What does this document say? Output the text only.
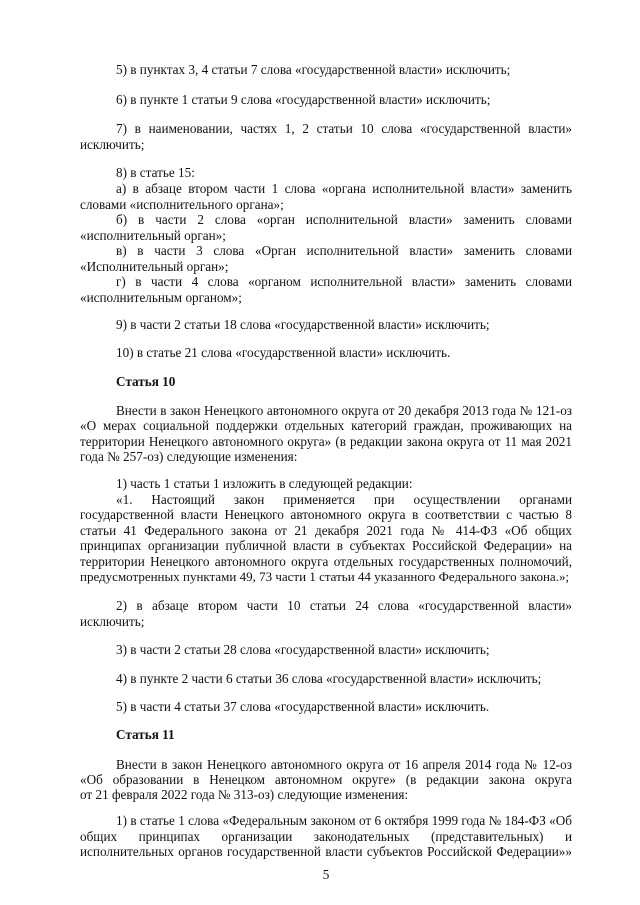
5) в пунктах 3, 4 статьи 7 слова «государственной власти» исключить;
6) в пункте 1 статьи 9 слова «государственной власти» исключить;
7) в наименовании, частях 1, 2 статьи 10 слова «государственной власти»
исключить;
8) в статье 15:
а) в абзаце втором части 1 слова «органа исполнительной власти» заменить
словами «исполнительного органа»;
б) в части 2 слова «орган исполнительной власти» заменить словами
«исполнительный орган»;
в) в части 3 слова «Орган исполнительной власти» заменить словами
«Исполнительный орган»;
г) в части 4 слова «органом исполнительной власти» заменить словами
«исполнительным органом»;
9) в части 2 статьи 18 слова «государственной власти» исключить;
10) в статье 21 слова «государственной власти» исключить.
Статья 10
Внести в закон Ненецкого автономного округа от 20 декабря 2013 года № 121-оз
«О мерах социальной поддержки отдельных категорий граждан, проживающих на
территории Ненецкого автономного округа» (в редакции закона округа от 11 мая 2021
года № 257-оз) следующие изменения:
1) часть 1 статьи 1 изложить в следующей редакции:
«1. Настоящий закон применяется при осуществлении органами
государственной власти Ненецкого автономного округа в соответствии с частью 8
статьи 41 Федерального закона от 21 декабря 2021 года № 414-ФЗ «Об общих
принципах организации публичной власти в субъектах Российской Федерации» на
территории Ненецкого автономного округа отдельных государственных полномочий,
предусмотренных пунктами 49, 73 части 1 статьи 44 указанного Федерального закона.»;
2) в абзаце втором части 10 статьи 24 слова «государственной власти»
исключить;
3) в части 2 статьи 28 слова «государственной власти» исключить;
4) в пункте 2 части 6 статьи 36 слова «государственной власти» исключить;
5) в части 4 статьи 37 слова «государственной власти» исключить.
Статья 11
Внести в закон Ненецкого автономного округа от 16 апреля 2014 года № 12-оз
«Об образовании в Ненецком автономном округе» (в редакции закона округа
от 21 февраля 2022 года № 313-оз) следующие изменения:
1) в статье 1 слова «Федеральным законом от 6 октября 1999 года № 184-ФЗ «Об
общих принципах организации законодательных (представительных) и
исполнительных органов государственной власти субъектов Российской Федерации»»
5
